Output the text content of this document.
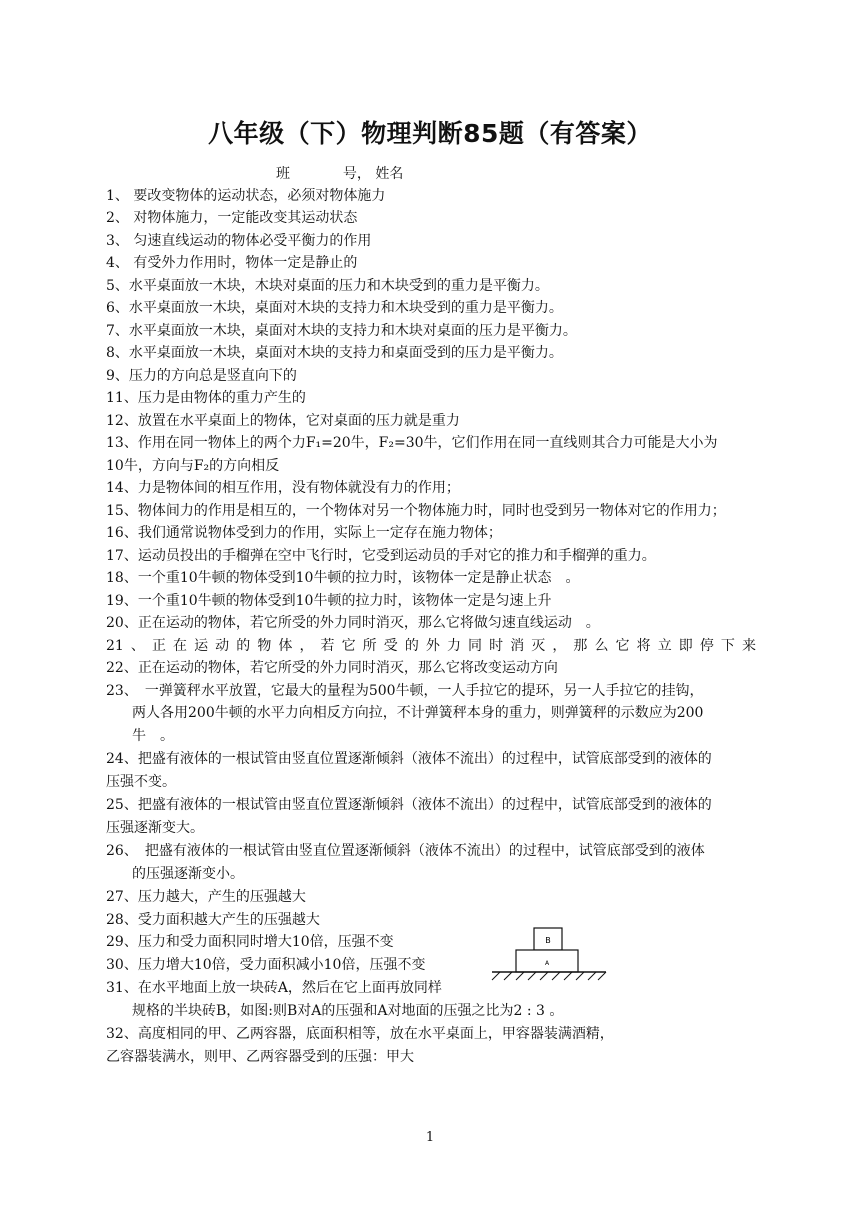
八年级（下）物理判断85题（有答案）
班	号， 姓名
1、 要改变物体的运动状态，必须对物体施力
2、 对物体施力，一定能改变其运动状态
3、 匀速直线运动的物体必受平衡力的作用
4、 有受外力作用时，物体一定是静止的
5、水平桌面放一木块，木块对桌面的压力和木块受到的重力是平衡力。
6、水平桌面放一木块，桌面对木块的支持力和木块受到的重力是平衡力。
7、水平桌面放一木块，桌面对木块的支持力和木块对桌面的压力是平衡力。
8、水平桌面放一木块，桌面对木块的支持力和桌面受到的压力是平衡力。
9、压力的方向总是竖直向下的
11、压力是由物体的重力产生的
12、放置在水平桌面上的物体，它对桌面的压力就是重力
13、作用在同一物体上的两个力F₁=20牛，F₂=30牛，它们作用在同一直线则其合力可能是大小为
10牛，方向与F₂的方向相反
14、力是物体间的相互作用，没有物体就没有力的作用；
15、物体间力的作用是相互的，一个物体对另一个物体施力时，同时也受到另一物体对它的作用力；
16、我们通常说物体受到力的作用，实际上一定存在施力物体；
17、运动员投出的手榴弹在空中飞行时，它受到运动员的手对它的推力和手榴弹的重力。
18、一个重10牛顿的物体受到10牛顿的拉力时，该物体一定是静止状态　。
19、一个重10牛顿的物体受到10牛顿的拉力时，该物体一定是匀速上升
20、正在运动的物体，若它所受的外力同时消灭，那么它将做匀速直线运动　。
21、正在运动的物体，若它所受的外力同时消灭，那么它将立即停下来
22、正在运动的物体，若它所受的外力同时消灭，那么它将改变运动方向
23、　一弹簧秤水平放置，它最大的量程为500牛顿，一人手拉它的提环，另一人手拉它的挂钩，
两人各用200牛顿的水平力向相反方向拉，不计弹簧秤本身的重力，则弹簧秤的示数应为200
牛　。
24、把盛有液体的一根试管由竖直位置逐渐倾斜（液体不流出）的过程中，试管底部受到的液体的
压强不变。
25、把盛有液体的一根试管由竖直位置逐渐倾斜（液体不流出）的过程中，试管底部受到的液体的
压强逐渐变大。
26、　把盛有液体的一根试管由竖直位置逐渐倾斜（液体不流出）的过程中，试管底部受到的液体
的压强逐渐变小。
27、压力越大，产生的压强越大
28、受力面积越大产生的压强越大
29、压力和受力面积同时增大10倍，压强不变
30、压力增大10倍，受力面积减小10倍，压强不变
31、在水平地面上放一块砖A，然后在它上面再放同样
规格的半块砖B，如图:则B对A的压强和A对地面的压强之比为2 : 3 。
32、高度相同的甲、乙两容器，底面积相等，放在水平桌面上，甲容器装满酒精，
乙容器装满水，则甲、乙两容器受到的压强：甲大
B
A
1
